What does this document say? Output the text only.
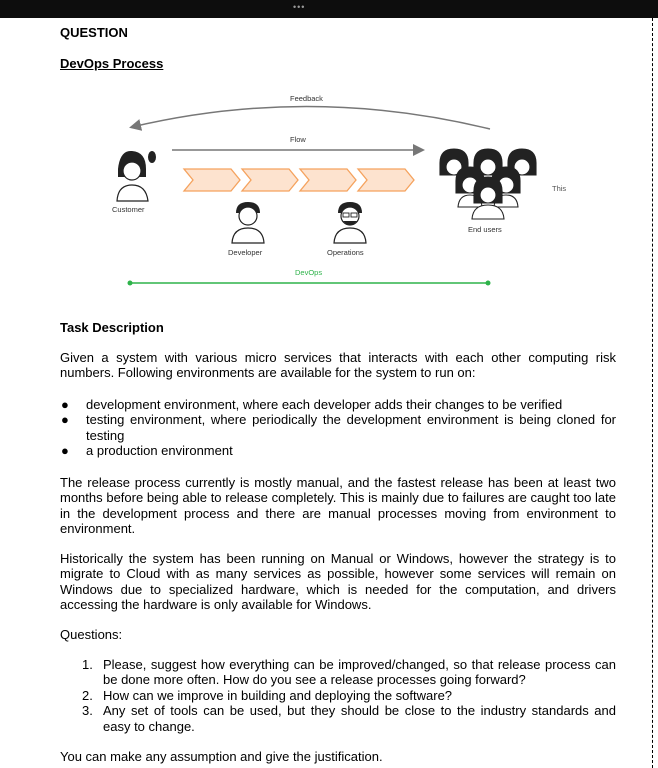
•••

QUESTION

DevOps Process

Feedback
Flow
Customer
Developer	Operations
End users
This
DevOps

Task Description

Given a system with various micro services that interacts with each other computing risk numbers. Following environments are available for the system to run on:

● development environment, where each developer adds their changes to be verified
● testing environment, where periodically the development environment is being cloned for testing
● a production environment

The release process currently is mostly manual, and the fastest release has been at least two months before being able to release completely. This is mainly due to failures are caught too late in the development process and there are manual processes moving from environment to environment.

Historically the system has been running on Manual or Windows, however the strategy is to migrate to Cloud with as many services as possible, however some services will remain on Windows due to specialized hardware, which is needed for the computation, and drivers accessing the hardware is only available for Windows.

Questions:

1. Please, suggest how everything can be improved/changed, so that release process can be done more often. How do you see a release processes going forward?
2. How can we improve in building and deploying the software?
3. Any set of tools can be used, but they should be close to the industry standards and easy to change.

You can make any assumption and give the justification.
